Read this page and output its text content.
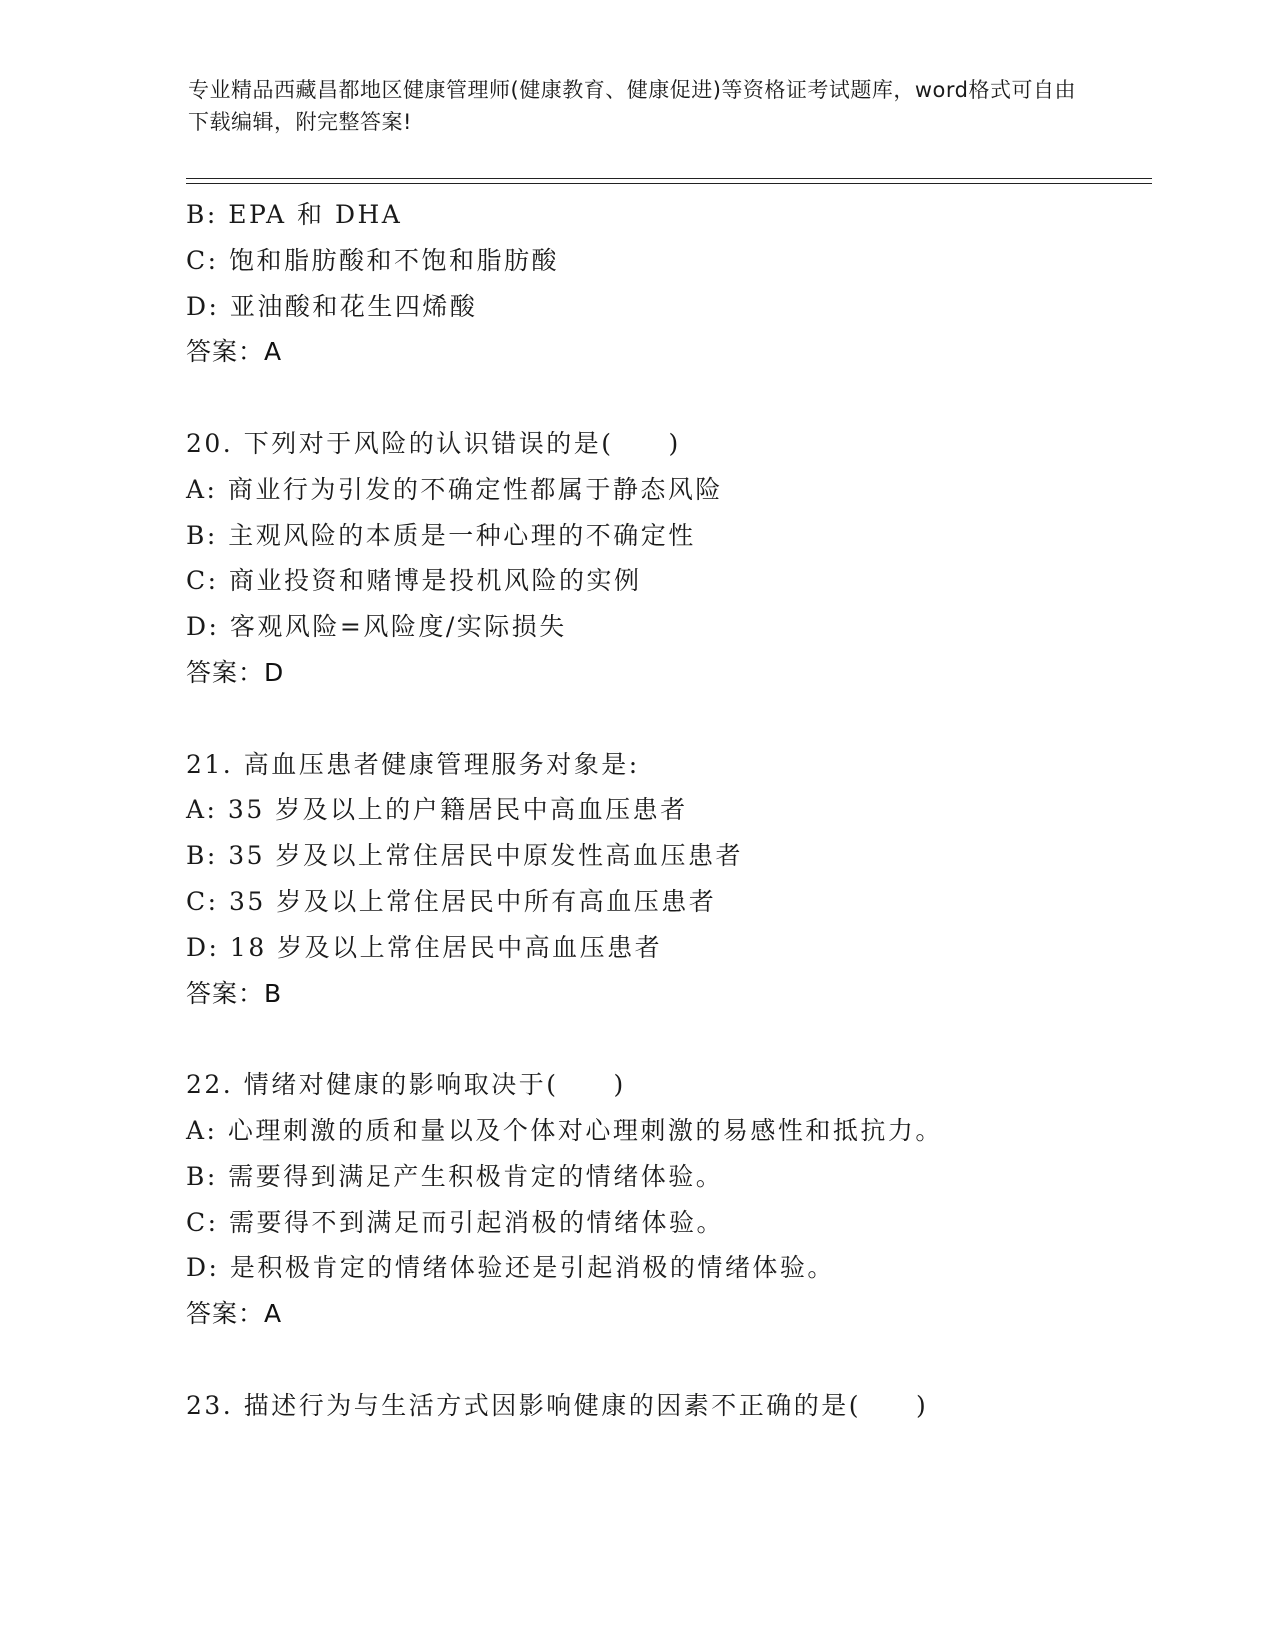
专业精品西藏昌都地区健康管理师(健康教育、健康促进)等资格证考试题库，word格式可自由下载编辑，附完整答案!
B: EPA 和 DHA
C: 饱和脂肪酸和不饱和脂肪酸
D: 亚油酸和花生四烯酸
答案：A
20. 下列对于风险的认识错误的是(　　)
A: 商业行为引发的不确定性都属于静态风险
B: 主观风险的本质是一种心理的不确定性
C: 商业投资和赌博是投机风险的实例
D: 客观风险=风险度/实际损失
答案：D
21. 高血压患者健康管理服务对象是:
A: 35 岁及以上的户籍居民中高血压患者
B: 35 岁及以上常住居民中原发性高血压患者
C: 35 岁及以上常住居民中所有高血压患者
D: 18 岁及以上常住居民中高血压患者
答案：B
22. 情绪对健康的影响取决于(　　)
A: 心理刺激的质和量以及个体对心理刺激的易感性和抵抗力。
B: 需要得到满足产生积极肯定的情绪体验。
C: 需要得不到满足而引起消极的情绪体验。
D: 是积极肯定的情绪体验还是引起消极的情绪体验。
答案：A
23. 描述行为与生活方式因影响健康的因素不正确的是(　　)
